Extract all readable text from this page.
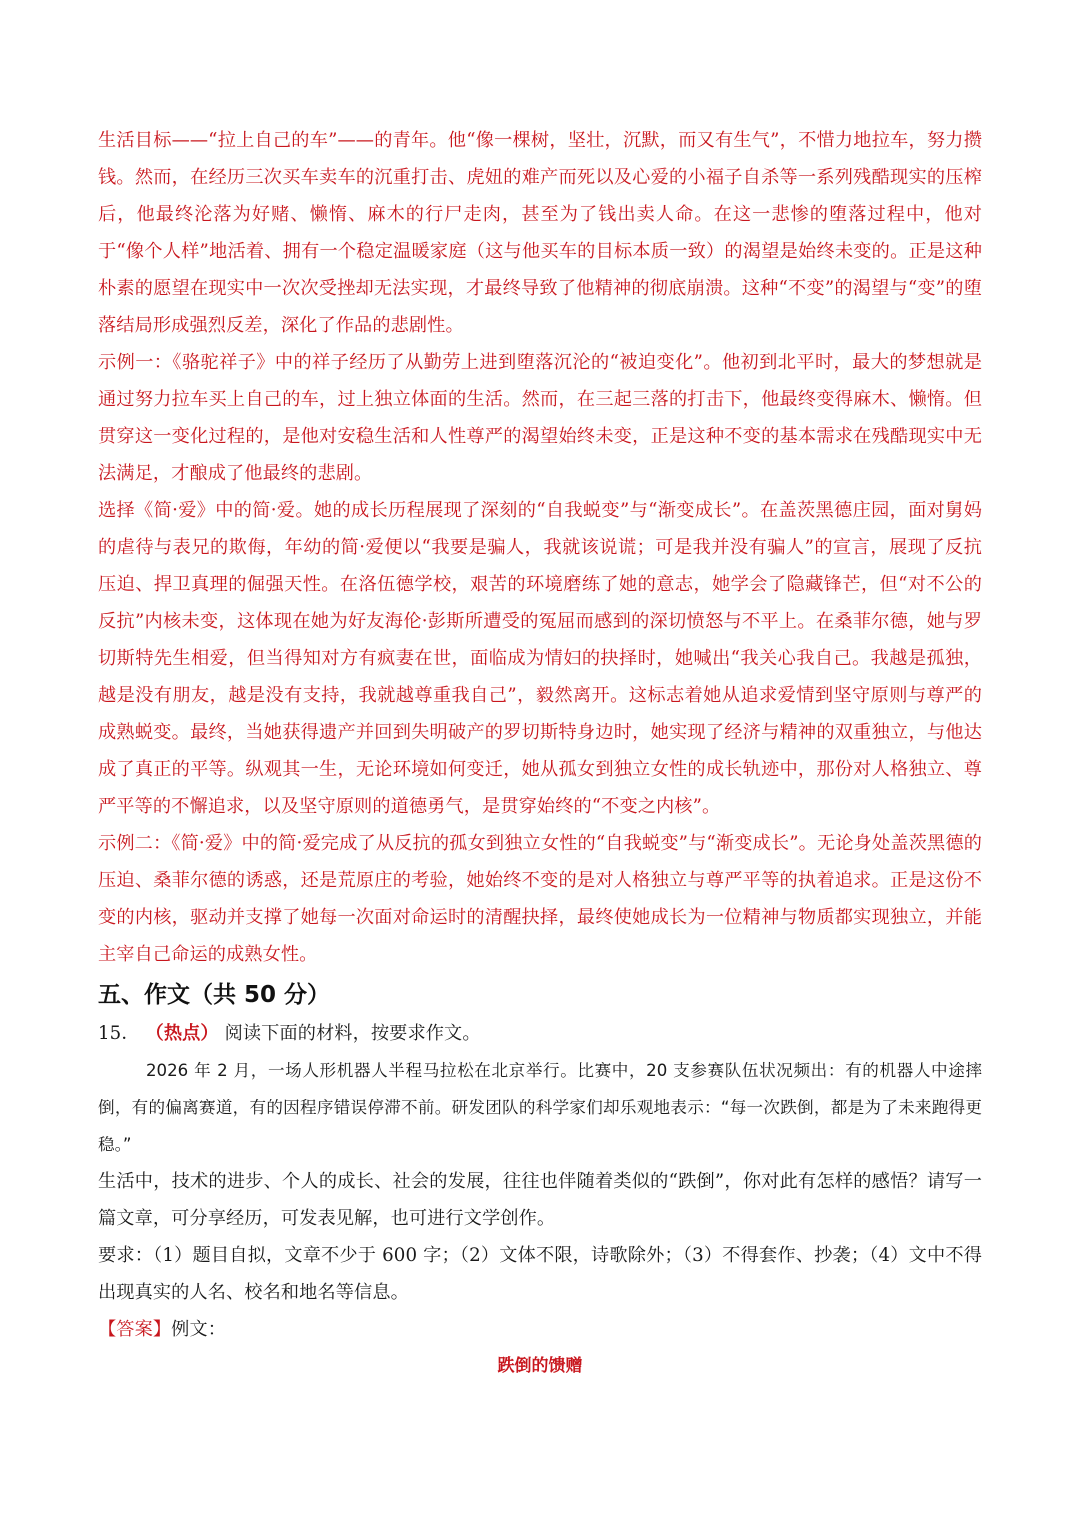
生活目标——“拉上自己的车”——的青年。他“像一棵树，坚壮，沉默，而又有生气”，不惜力地拉车，努力攒钱。然而，在经历三次买车卖车的沉重打击、虎妞的难产而死以及心爱的小福子自杀等一系列残酷现实的压榨后，他最终沦落为好赌、懒惰、麻木的行尸走肉，甚至为了钱出卖人命。在这一悲惨的堕落过程中，他对于“像个人样”地活着、拥有一个稳定温暖家庭（这与他买车的目标本质一致）的渴望是始终未变的。正是这种朴素的愿望在现实中一次次受挫却无法实现，才最终导致了他精神的彻底崩溃。这种“不变”的渴望与“变”的堕落结局形成强烈反差，深化了作品的悲剧性。

示例一：《骆驼祥子》中的祥子经历了从勤劳上进到堕落沉沦的“被迫变化”。他初到北平时，最大的梦想就是通过努力拉车买上自己的车，过上独立体面的生活。然而，在三起三落的打击下，他最终变得麻木、懒惰。但贯穿这一变化过程的，是他对安稳生活和人性尊严的渴望始终未变，正是这种不变的基本需求在残酷现实中无法满足，才酿成了他最终的悲剧。

选择《简·爱》中的简·爱。她的成长历程展现了深刻的“自我蜕变”与“渐变成长”。在盖茨黑德庄园，面对舅妈的虐待与表兄的欺侮，年幼的简·爱便以“我要是骗人，我就该说谎；可是我并没有骗人”的宣言，展现了反抗压迫、捍卫真理的倔强天性。在洛伍德学校，艰苦的环境磨练了她的意志，她学会了隐藏锋芒，但“对不公的反抗”内核未变，这体现在她为好友海伦·彭斯所遭受的冤屈而感到的深切愤怒与不平上。在桑菲尔德，她与罗切斯特先生相爱，但当得知对方有疯妻在世，面临成为情妇的抉择时，她喊出“我关心我自己。我越是孤独，越是没有朋友，越是没有支持，我就越尊重我自己”，毅然离开。这标志着她从追求爱情到坚守原则与尊严的成熟蜕变。最终，当她获得遗产并回到失明破产的罗切斯特身边时，她实现了经济与精神的双重独立，与他达成了真正的平等。纵观其一生，无论环境如何变迁，她从孤女到独立女性的成长轨迹中，那份对人格独立、尊严平等的不懈追求，以及坚守原则的道德勇气，是贯穿始终的“不变之内核”。

示例二：《简·爱》中的简·爱完成了从反抗的孤女到独立女性的“自我蜕变”与“渐变成长”。无论身处盖茨黑德的压迫、桑菲尔德的诱惑，还是荒原庄的考验，她始终不变的是对人格独立与尊严平等的执着追求。正是这份不变的内核，驱动并支撑了她每一次面对命运时的清醒抉择，最终使她成长为一位精神与物质都实现独立，并能主宰自己命运的成熟女性。

五、作文（共 50 分）

15． （热点） 阅读下面的材料，按要求作文。

2026 年 2 月，一场人形机器人半程马拉松在北京举行。比赛中，20 支参赛队伍状况频出：有的机器人中途摔倒，有的偏离赛道，有的因程序错误停滞不前。研发团队的科学家们却乐观地表示：“每一次跌倒，都是为了未来跑得更稳。”

生活中，技术的进步、个人的成长、社会的发展，往往也伴随着类似的“跌倒”，你对此有怎样的感悟？请写一篇文章，可分享经历，可发表见解，也可进行文学创作。

要求：（1）题目自拟，文章不少于 600 字；（2）文体不限，诗歌除外；（3）不得套作、抄袭；（4）文中不得出现真实的人名、校名和地名等信息。

【答案】例文：

跌倒的馈赠
